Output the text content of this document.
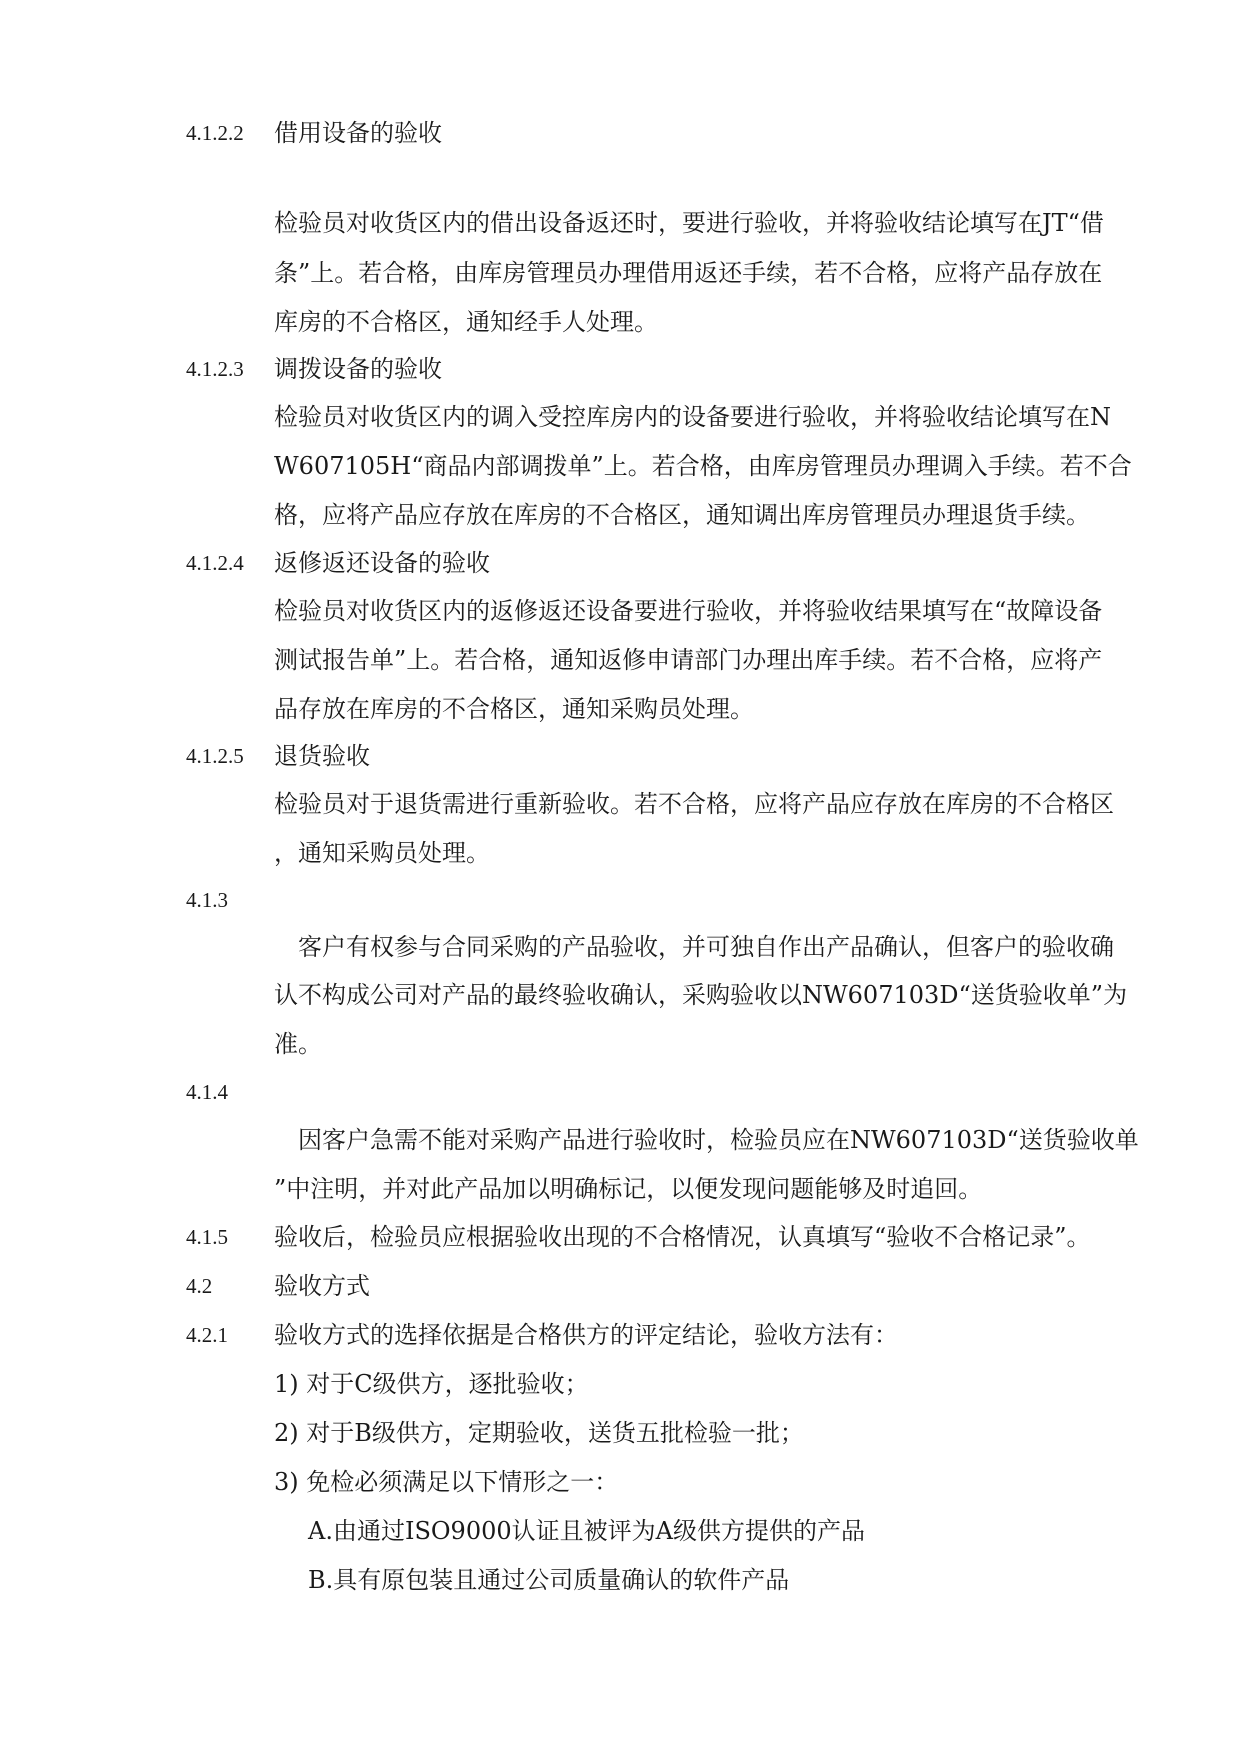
4.1.2.2 借用设备的验收
检验员对收货区内的借出设备返还时，要进行验收，并将验收结论填写在JT“借
条”上。若合格，由库房管理员办理借用返还手续，若不合格，应将产品存放在
库房的不合格区，通知经手人处理。
4.1.2.3 调拨设备的验收
检验员对收货区内的调入受控库房内的设备要进行验收，并将验收结论填写在N
W607105H“商品内部调拨单”上。若合格，由库房管理员办理调入手续。若不合
格，应将产品应存放在库房的不合格区，通知调出库房管理员办理退货手续。
4.1.2.4 返修返还设备的验收
检验员对收货区内的返修返还设备要进行验收，并将验收结果填写在“故障设备
测试报告单”上。若合格，通知返修申请部门办理出库手续。若不合格，应将产
品存放在库房的不合格区，通知采购员处理。
4.1.2.5 退货验收
检验员对于退货需进行重新验收。若不合格，应将产品应存放在库房的不合格区
，通知采购员处理。
4.1.3
客户有权参与合同采购的产品验收，并可独自作出产品确认，但客户的验收确
认不构成公司对产品的最终验收确认，采购验收以NW607103D“送货验收单”为
准。
4.1.4
因客户急需不能对采购产品进行验收时，检验员应在NW607103D“送货验收单
”中注明，并对此产品加以明确标记，以便发现问题能够及时追回。
4.1.5 验收后，检验员应根据验收出现的不合格情况，认真填写“验收不合格记录”。
4.2	验收方式
4.2.1 验收方式的选择依据是合格供方的评定结论，验收方法有：
1) 对于C级供方，逐批验收；
2) 对于B级供方，定期验收，送货五批检验一批；
3) 免检必须满足以下情形之一：
A.由通过ISO9000认证且被评为A级供方提供的产品
B.具有原包装且通过公司质量确认的软件产品
